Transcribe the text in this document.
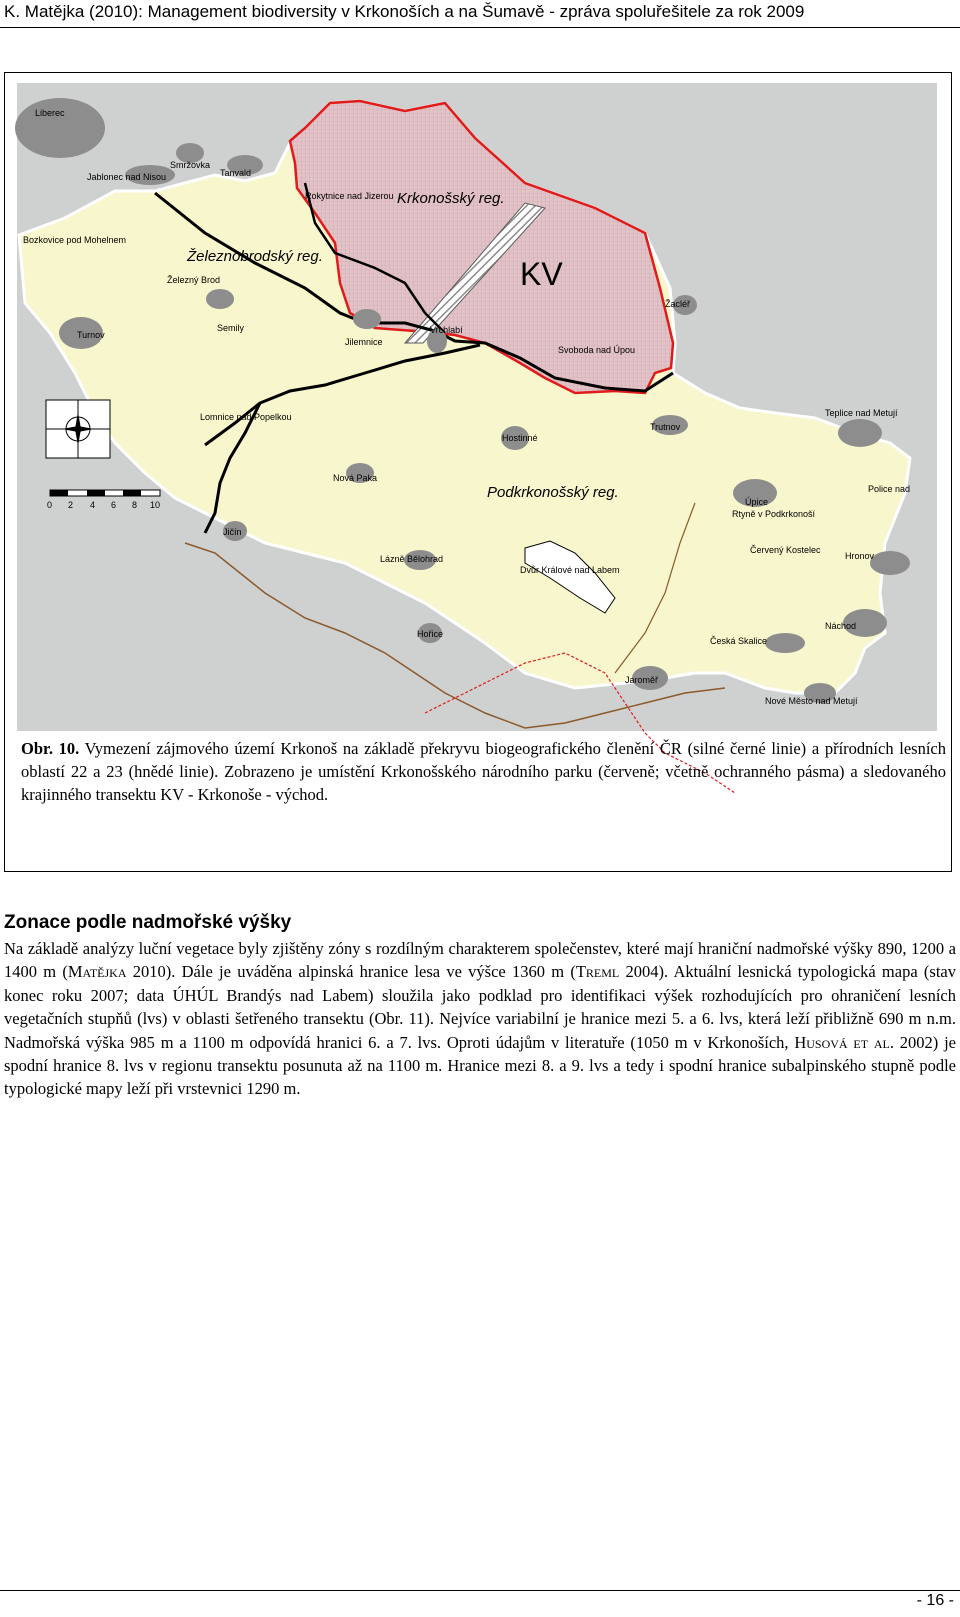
K. Matějka (2010): Management biodiversity v Krkonoších a na Šumavě - zpráva spoluřešitele za rok 2009
Krkonošský reg.
Železnobrodský reg.
Podkrkonošský reg.
KV
Liberec
Smržovka
Tanvald
Jablonec nad Nisou
Rokytnice nad Jizerou
Bozkovice pod Mohelnem
Železný Brod
Semily
Turnov
Jilemnice
Vrchlabí
Svoboda nad Úpou
Žacléř
Lomnice nad Popelkou
Hostinné
Trutnov
Teplice nad Metují
Nová Paka
Úpice
Rtyně v Podkrkonoší
Police nad
Jičín
Lázně Bělohrad
Dvůr Králové nad Labem
Červený Kostelec
Hronov
Hořice
Česká Skalice
Náchod
Jaroměř
Nové Město nad Metují
0 2 4 6 8 10
Obr. 10. Vymezení zájmového území Krkonoš na základě překryvu biogeografického členění ČR (silné černé linie) a přírodních lesních oblastí 22 a 23 (hnědé linie). Zobrazeno je umístění Krkonošského národního parku (červeně; včetně ochranného pásma) a sledovaného krajinného transektu KV - Krkonoše - východ.
Zonace podle nadmořské výšky
Na základě analýzy luční vegetace byly zjištěny zóny s rozdílným charakterem společenstev, které mají hraniční nadmořské výšky 890, 1200 a 1400 m (Matějka 2010). Dále je uváděna alpinská hranice lesa ve výšce 1360 m (Treml 2004). Aktuální lesnická typologická mapa (stav konec roku 2007; data ÚHÚL Brandýs nad Labem) sloužila jako podklad pro identifikaci výšek rozhodujících pro ohraničení lesních vegetačních stupňů (lvs) v oblasti šetřeného transektu (Obr. 11). Nejvíce variabilní je hranice mezi 5. a 6. lvs, která leží přibližně 690 m n.m. Nadmořská výška 985 m a 1100 m odpovídá hranici 6. a 7. lvs. Oproti údajům v literatuře (1050 m v Krkonoších, Husová et al. 2002) je spodní hranice 8. lvs v regionu transektu posunuta až na 1100 m. Hranice mezi 8. a 9. lvs a tedy i spodní hranice subalpinského stupně podle typologické mapy leží při vrstevnici 1290 m.
- 16 -
